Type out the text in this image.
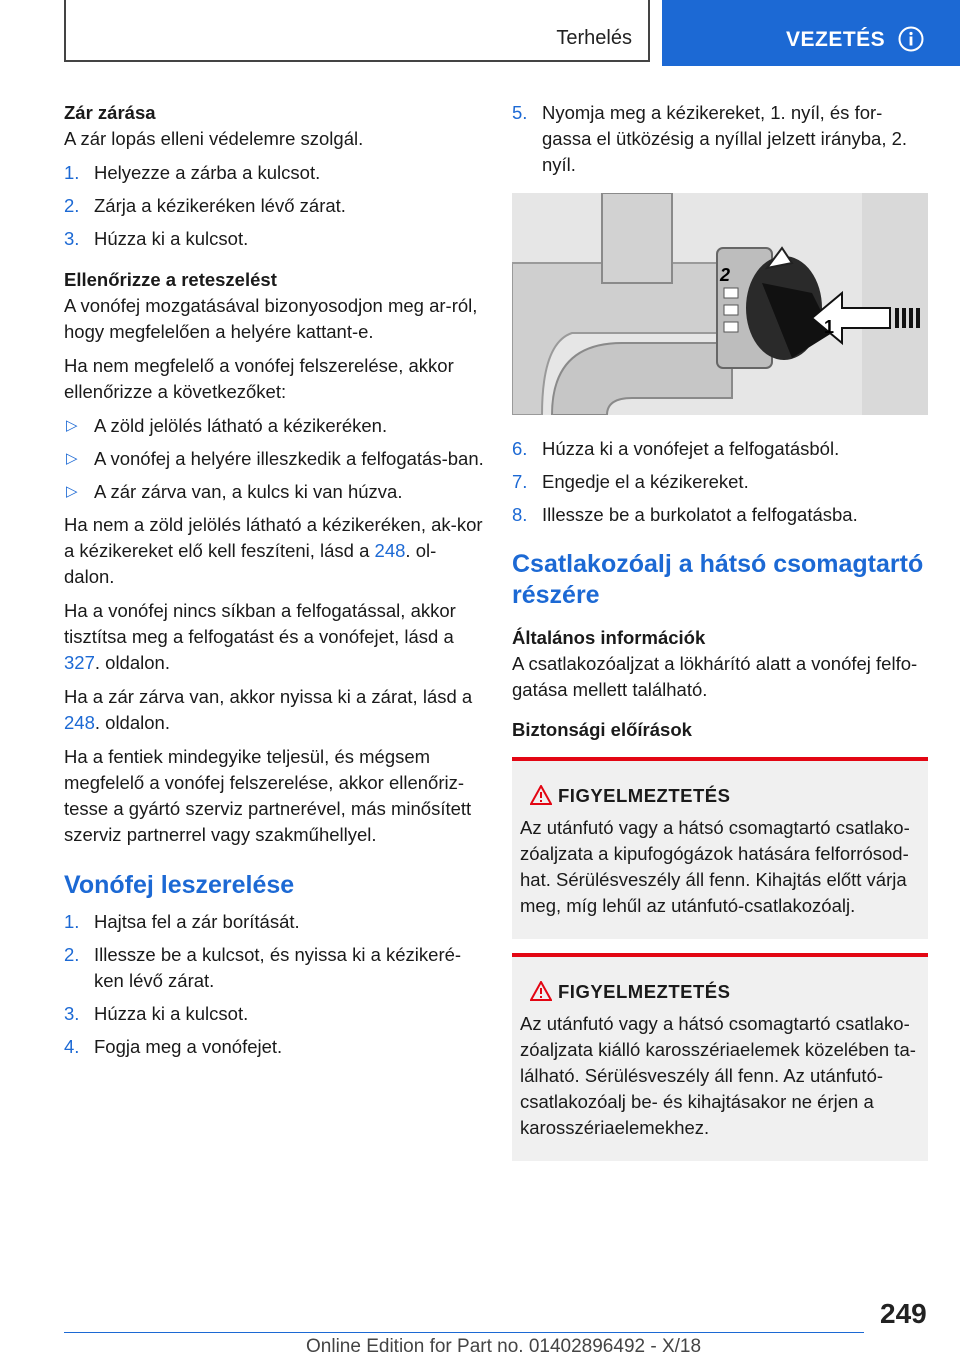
Terhelés	VEZETÉS

Zár zárása

A zár lopás elleni védelemre szolgál.

1. Helyezze a zárba a kulcsot.
2. Zárja a kézikeréken lévő zárat.
3. Húzza ki a kulcsot.

Ellenőrizze a reteszelést

A vonófej mozgatásával bizonyosodjon meg ar-ról, hogy megfelelően a helyére kattant-e.

Ha nem megfelelő a vonófej felszerelése, akkor ellenőrizze a következőket:

▷ A zöld jelölés látható a kézikeréken.
▷ A vonófej a helyére illeszkedik a felfogatás-ban.
▷ A zár zárva van, a kulcs ki van húzva.

Ha nem a zöld jelölés látható a kézikeréken, ak-kor a kézikereket elő kell feszíteni, lásd a 248. ol-dalon.

Ha a vonófej nincs síkban a felfogatással, akkor tisztítsa meg a felfogatást és a vonófejet, lásd a 327. oldalon.

Ha a zár zárva van, akkor nyissa ki a zárat, lásd a 248. oldalon.

Ha a fentiek mindegyike teljesül, és mégsem megfelelő a vonófej felszerelése, akkor ellenőriz-tesse a gyártó szerviz partnerével, más minősített szerviz partnerrel vagy szakműhellyel.

Vonófej leszerelése

1. Hajtsa fel a zár borítását.
2. Illessze be a kulcsot, és nyissa ki a kézikeré-ken lévő zárat.
3. Húzza ki a kulcsot.
4. Fogja meg a vonófejet.
5. Nyomja meg a kézikereket, 1. nyíl, és for-gassa el ütközésig a nyíllal jelzett irányba, 2. nyíl.
2
1
6. Húzza ki a vonófejet a felfogatásból.
7. Engedje el a kézikereket.
8. Illessze be a burkolatot a felfogatásba.

Csatlakozóalj a hátsó csomagtartó részére

Általános információk

A csatlakozóaljzat a lökhárító alatt a vonófej felfo-gatása mellett található.

Biztonsági előírások

FIGYELMEZTETÉS

Az utánfutó vagy a hátsó csomagtartó csatlako-zóaljzata a kipufogógázok hatására felforrósod-hat. Sérülésveszély áll fenn. Kihajtás előtt várja meg, míg lehűl az utánfutó-csatlakozóalj.

FIGYELMEZTETÉS

Az utánfutó vagy a hátsó csomagtartó csatlako-zóaljzata kiálló karosszériaelemek közelében ta-lálható. Sérülésveszély áll fenn. Az utánfutó-csatlakozóalj be- és kihajtásakor ne érjen a karosszériaelemekhez.

249
Online Edition for Part no. 01402896492 - X/18
